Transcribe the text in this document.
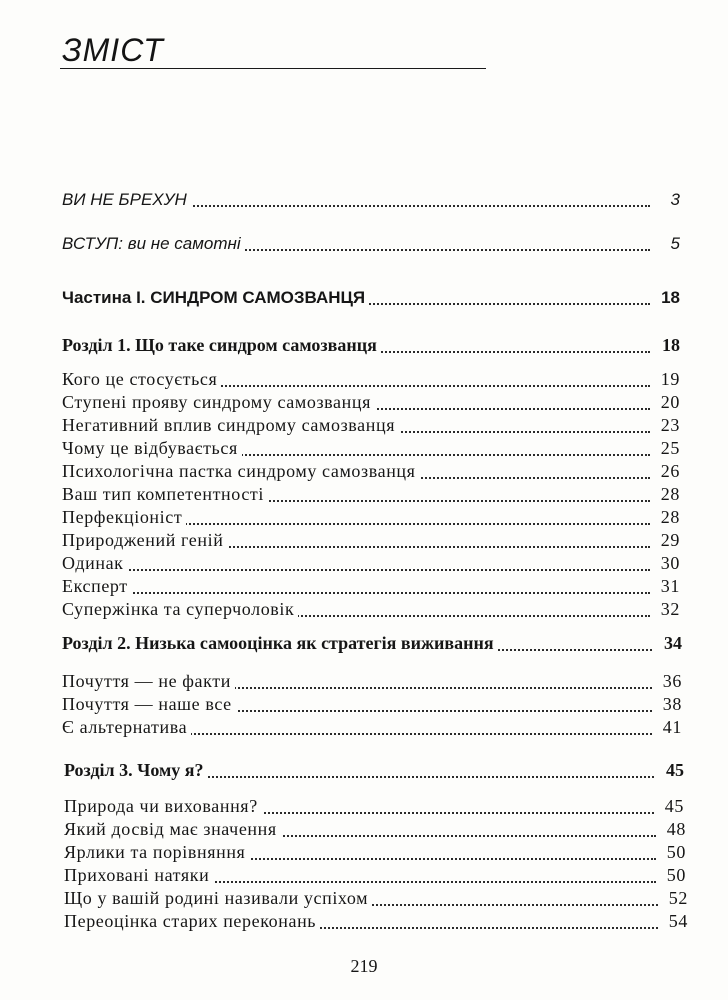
ЗМІСТ
ВИ НЕ БРЕХУН	3
ВСТУП: ви не самотні	5
Частина І. СИНДРОМ САМОЗВАНЦЯ	18
Розділ 1. Що таке синдром самозванця	18
Кого це стосується	19
Ступені прояву синдрому самозванця	20
Негативний вплив синдрому самозванця	23
Чому це відбувається	25
Психологічна пастка синдрому самозванця	26
Ваш тип компетентності	28
Перфекціоніст	28
Природжений геній	29
Одинак	30
Експерт	31
Супержінка та суперчоловік	32
Розділ 2. Низька самооцінка як стратегія виживання	34
Почуття — не факти	36
Почуття — наше все	38
Є альтернатива	41
Розділ 3. Чому я?	45
Природа чи виховання?	45
Який досвід має значення	48
Ярлики та порівняння	50
Приховані натяки	50
Що у вашій родині називали успіхом	52
Переоцінка старих переконань	54
219
